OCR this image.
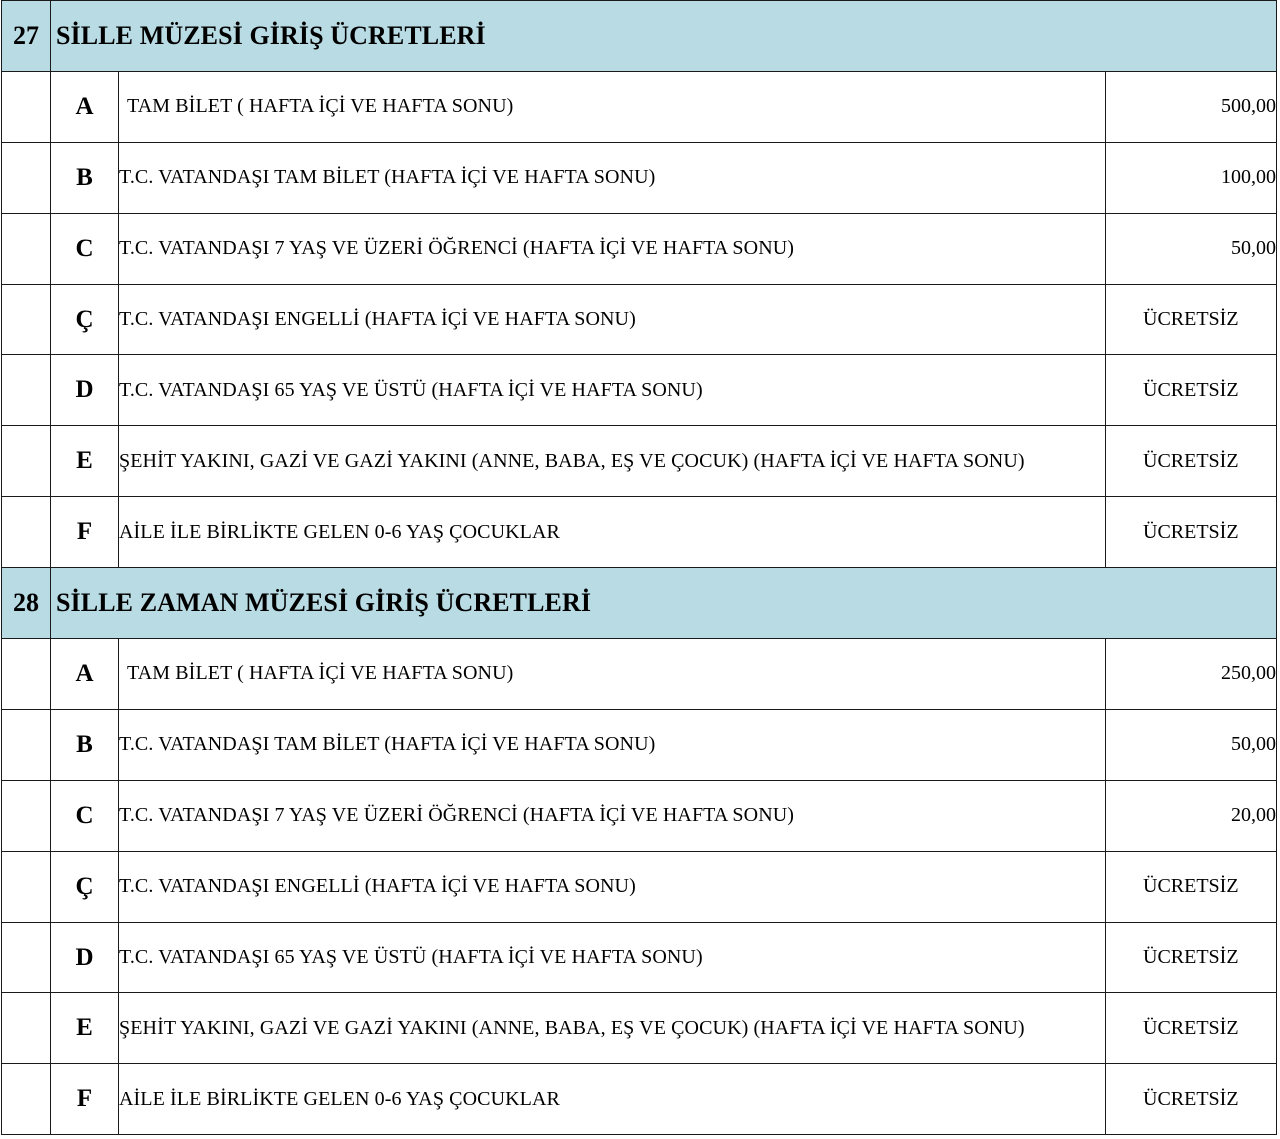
27	SİLLE MÜZESİ GİRİŞ ÜCRETLERİ		
	A	TAM BİLET ( HAFTA İÇİ VE HAFTA SONU)	500,00
	B	T.C. VATANDAŞI TAM BİLET (HAFTA İÇİ VE HAFTA SONU)	100,00
	C	T.C. VATANDAŞI 7 YAŞ VE ÜZERİ ÖĞRENCİ (HAFTA İÇİ VE HAFTA SONU)	50,00
	Ç	T.C. VATANDAŞI ENGELLİ (HAFTA İÇİ VE HAFTA SONU)	ÜCRETSİZ
	D	T.C. VATANDAŞI 65 YAŞ VE ÜSTÜ (HAFTA İÇİ VE HAFTA SONU)	ÜCRETSİZ
	E	ŞEHİT YAKINI, GAZİ VE GAZİ YAKINI (ANNE, BABA, EŞ VE ÇOCUK) (HAFTA İÇİ VE HAFTA SONU)	ÜCRETSİZ
	F	AİLE İLE BİRLİKTE GELEN 0-6 YAŞ ÇOCUKLAR	ÜCRETSİZ
28	SİLLE ZAMAN MÜZESİ GİRİŞ ÜCRETLERİ		
	A	TAM BİLET ( HAFTA İÇİ VE HAFTA SONU)	250,00
	B	T.C. VATANDAŞI TAM BİLET (HAFTA İÇİ VE HAFTA SONU)	50,00
	C	T.C. VATANDAŞI 7 YAŞ VE ÜZERİ ÖĞRENCİ (HAFTA İÇİ VE HAFTA SONU)	20,00
	Ç	T.C. VATANDAŞI ENGELLİ (HAFTA İÇİ VE HAFTA SONU)	ÜCRETSİZ
	D	T.C. VATANDAŞI 65 YAŞ VE ÜSTÜ (HAFTA İÇİ VE HAFTA SONU)	ÜCRETSİZ
	E	ŞEHİT YAKINI, GAZİ VE GAZİ YAKINI (ANNE, BABA, EŞ VE ÇOCUK) (HAFTA İÇİ VE HAFTA SONU)	ÜCRETSİZ
	F	AİLE İLE BİRLİKTE GELEN 0-6 YAŞ ÇOCUKLAR	ÜCRETSİZ
